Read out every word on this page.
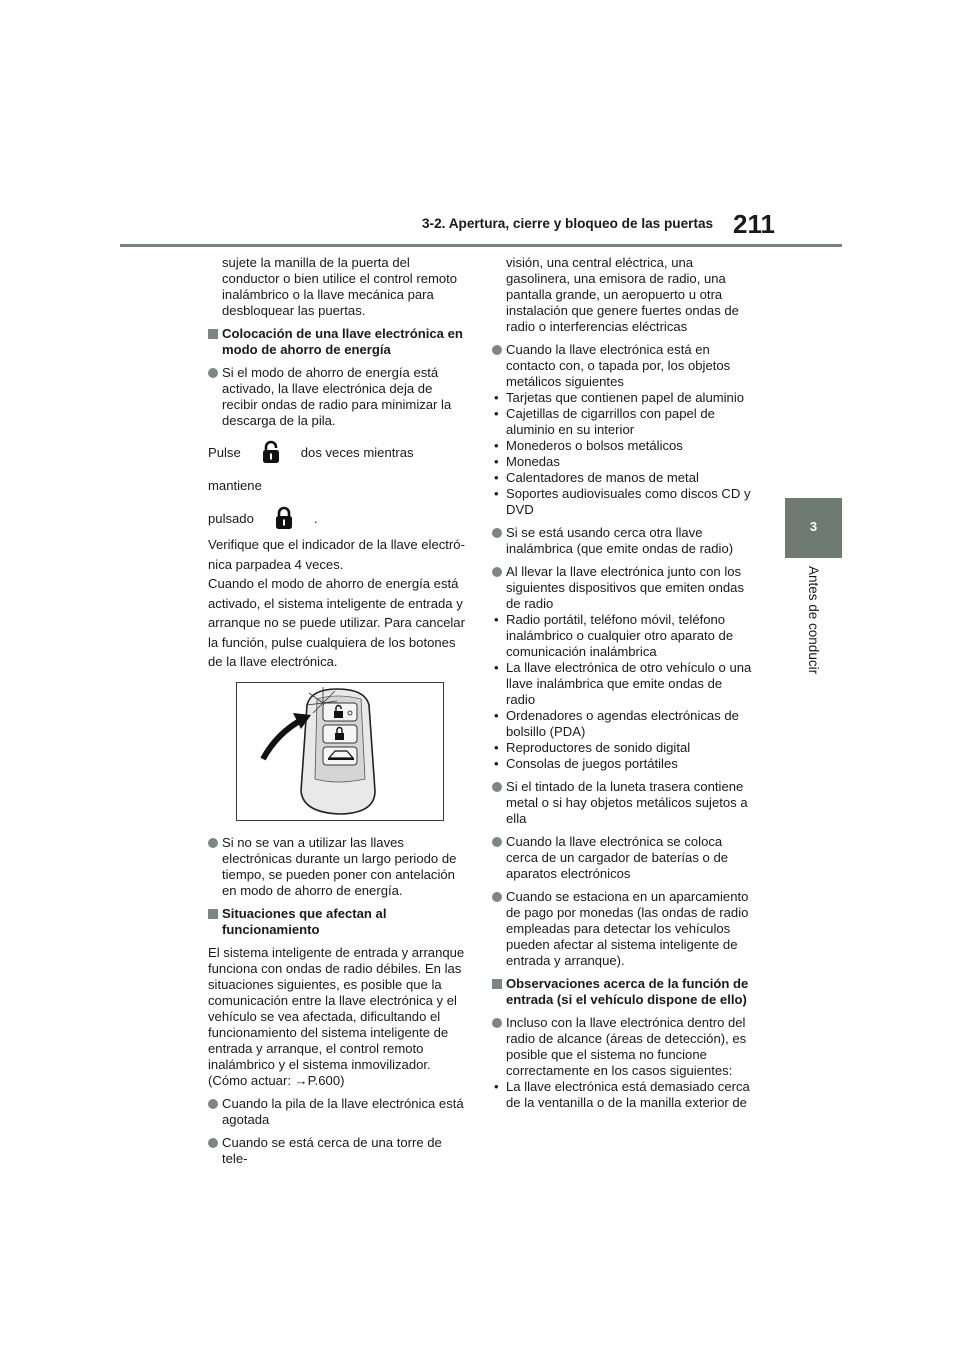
3-2. Apertura, cierre y bloqueo de las puertas 211
3
Antes de conducir

sujete la manilla de la puerta del conductor o bien utilice el control remoto inalámbrico o la llave mecánica para desbloquear las puertas.

Colocación de una llave electrónica en modo de ahorro de energía
Si el modo de ahorro de energía está activado, la llave electrónica deja de recibir ondas de radio para minimizar la descarga de la pila.

Pulse	dos veces mientras mantiene

pulsado	.

Verifique que el indicador de la llave electró-

nica parpadea 4 veces.

Cuando el modo de ahorro de energía está

activado, el sistema inteligente de entrada y

arranque no se puede utilizar. Para cancelar

la función, pulse cualquiera de los botones

de la llave electrónica.

Si no se van a utilizar las llaves electrónicas durante un largo periodo de tiempo, se pueden poner con antelación en modo de ahorro de energía.
Situaciones que afectan al funcionamiento

El sistema inteligente de entrada y arranque funciona con ondas de radio débiles. En las situaciones siguientes, es posible que la comunicación entre la llave electrónica y el vehículo se vea afectada, dificultando el funcionamiento del sistema inteligente de entrada y arranque, el control remoto inalámbrico y el sistema inmovilizador.
(Cómo actuar: →P.600)

Cuando la pila de la llave electrónica está agotada
Cuando se está cerca de una torre de tele-

visión, una central eléctrica, una gasolinera, una emisora de radio, una pantalla grande, un aeropuerto u otra instalación que genere fuertes ondas de radio o interferencias eléctricas

Cuando la llave electrónica está en contacto con, o tapada por, los objetos metálicos siguientes
• Tarjetas que contienen papel de aluminio
• Cajetillas de cigarrillos con papel de aluminio en su interior
• Monederos o bolsos metálicos
• Monedas
• Calentadores de manos de metal
• Soportes audiovisuales como discos CD y DVD
Si se está usando cerca otra llave inalámbrica (que emite ondas de radio)
Al llevar la llave electrónica junto con los siguientes dispositivos que emiten ondas de radio
• Radio portátil, teléfono móvil, teléfono inalámbrico o cualquier otro aparato de comunicación inalámbrica
• La llave electrónica de otro vehículo o una llave inalámbrica que emite ondas de radio
• Ordenadores o agendas electrónicas de bolsillo (PDA)
• Reproductores de sonido digital
• Consolas de juegos portátiles
Si el tintado de la luneta trasera contiene metal o si hay objetos metálicos sujetos a ella
Cuando la llave electrónica se coloca cerca de un cargador de baterías o de aparatos electrónicos
Cuando se estaciona en un aparcamiento de pago por monedas (las ondas de radio empleadas para detectar los vehículos pueden afectar al sistema inteligente de entrada y arranque).
Observaciones acerca de la función de entrada (si el vehículo dispone de ello)
Incluso con la llave electrónica dentro del radio de alcance (áreas de detección), es posible que el sistema no funcione correctamente en los casos siguientes:
• La llave electrónica está demasiado cerca de la ventanilla o de la manilla exterior de
